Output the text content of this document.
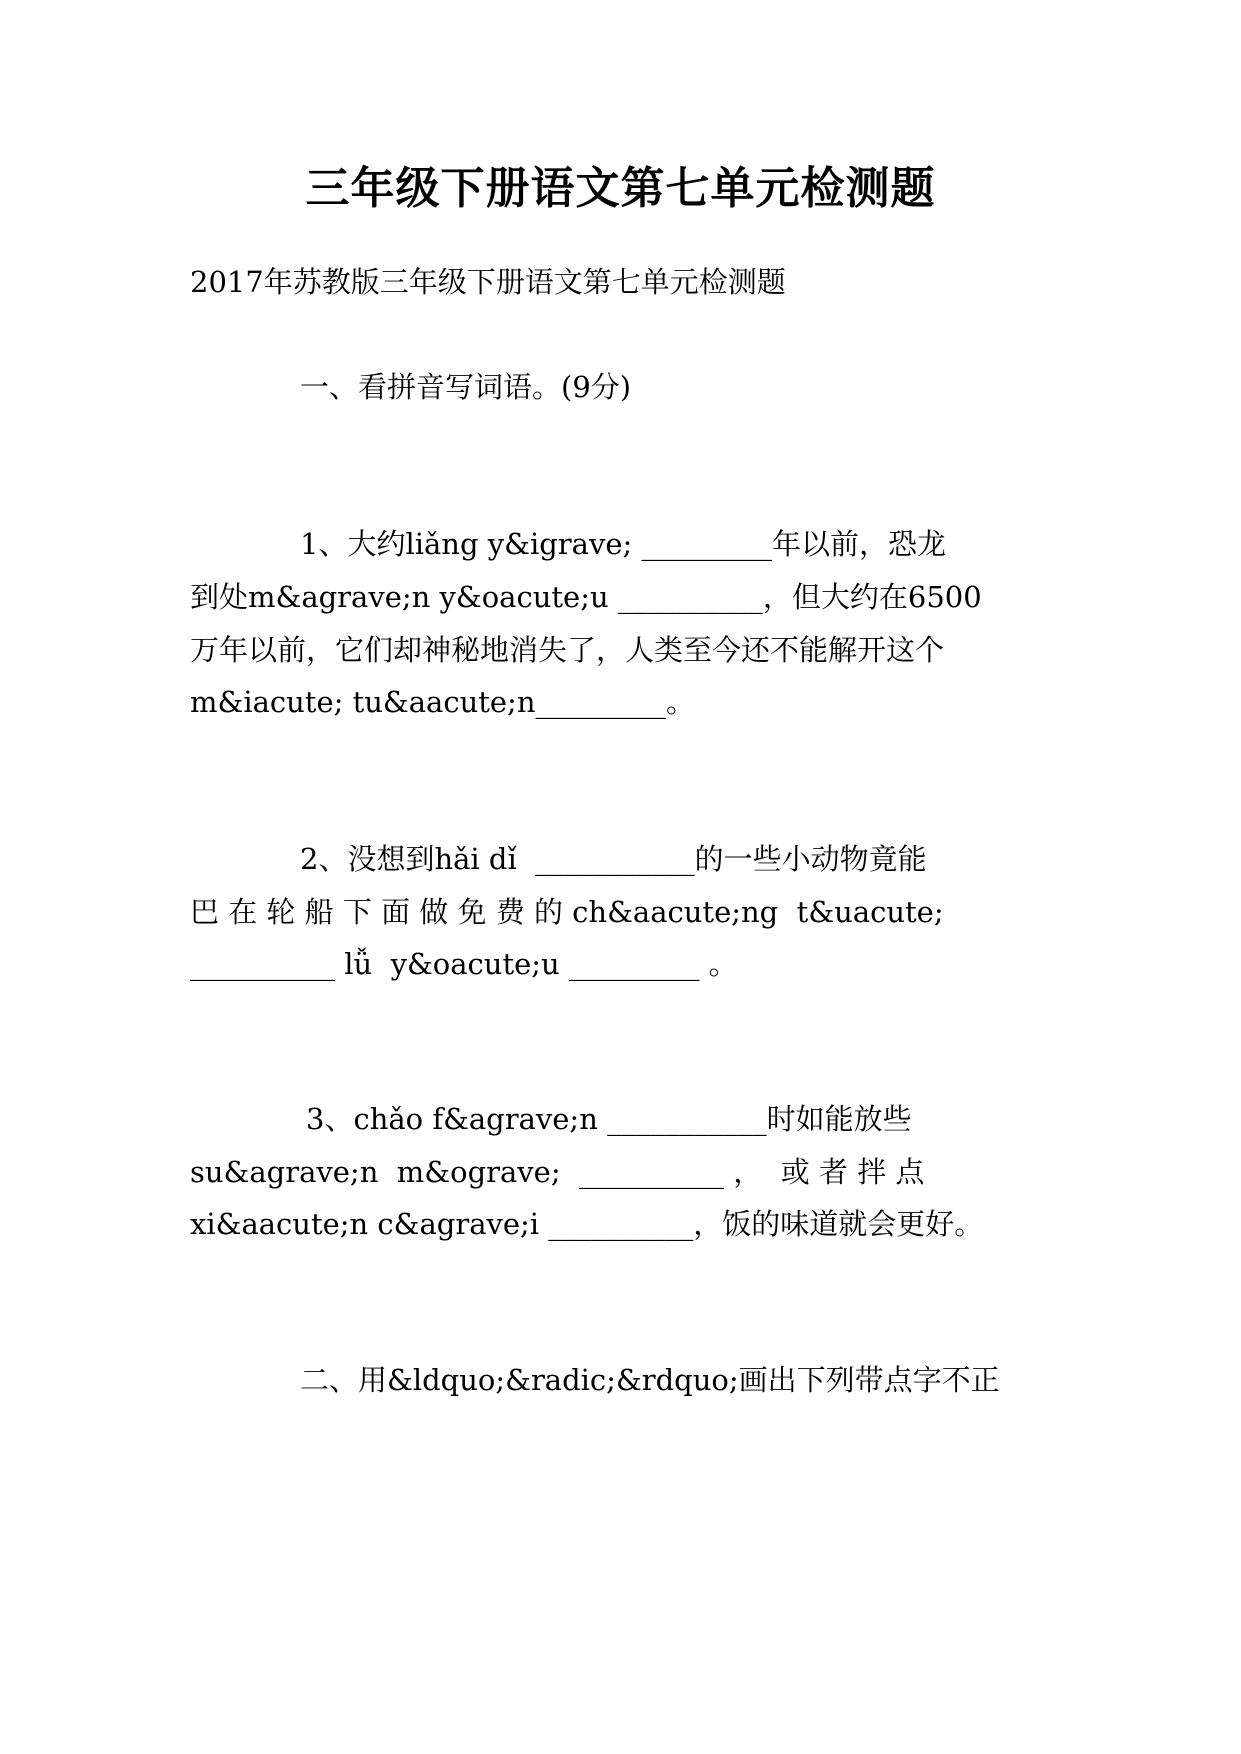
三年级下册语文第七单元检测题
2017年苏教版三年级下册语文第七单元检测题
一、看拼音写词语。(9分)
1、大约liǎng y&igrave; _________年以前，恐龙
到处m&agrave;n y&oacute;u __________，但大约在6500
万年以前，它们却神秘地消失了，人类至今还不能解开这个
m&iacute; tu&aacute;n_________。
2、没想到hǎi dǐ  ___________的一些小动物竟能
巴 在 轮 船 下 面 做 免 费 的 ch&aacute;ng  t&uacute;
__________ lǚ  y&oacute;u _________ 。
3、chǎo f&agrave;n ___________时如能放些
su&agrave;n  m&ograve;  __________ ，  或 者 拌 点
xi&aacute;n c&agrave;i __________，饭的味道就会更好。
二、用&ldquo;&radic;&rdquo;画出下列带点字不正
